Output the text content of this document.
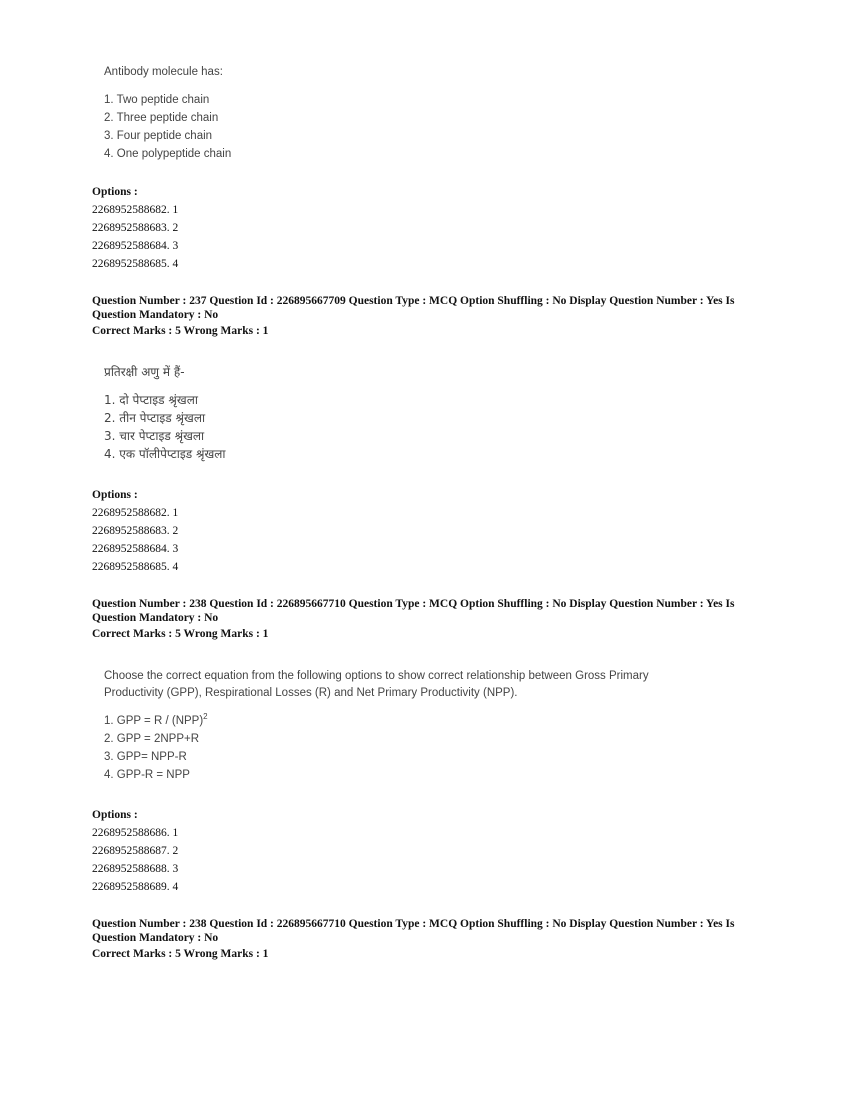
Antibody molecule has:
1. Two peptide chain
2. Three peptide chain
3. Four peptide chain
4. One polypeptide chain
Options :
2268952588682. 1
2268952588683. 2
2268952588684. 3
2268952588685. 4
Question Number : 237 Question Id : 226895667709 Question Type : MCQ Option Shuffling : No Display Question Number : Yes Is
Question Mandatory : No
Correct Marks : 5 Wrong Marks : 1
प्रतिरक्षी अणु में हैं-
1. दो पेप्टाइड श्रृंखला
2. तीन पेप्टाइड श्रृंखला
3. चार पेप्टाइड श्रृंखला
4. एक पॉलीपेप्टाइड श्रृंखला
Options :
2268952588682. 1
2268952588683. 2
2268952588684. 3
2268952588685. 4
Question Number : 238 Question Id : 226895667710 Question Type : MCQ Option Shuffling : No Display Question Number : Yes Is
Question Mandatory : No
Correct Marks : 5 Wrong Marks : 1
Choose the correct equation from the following options to show correct relationship between Gross Primary
Productivity (GPP), Respirational Losses (R) and Net Primary Productivity (NPP).
1. GPP = R / (NPP)$^2$
2. GPP = 2NPP+R
3. GPP= NPP-R
4. GPP-R = NPP
Options :
2268952588686. 1
2268952588687. 2
2268952588688. 3
2268952588689. 4
Question Number : 238 Question Id : 226895667710 Question Type : MCQ Option Shuffling : No Display Question Number : Yes Is
Question Mandatory : No
Correct Marks : 5 Wrong Marks : 1
